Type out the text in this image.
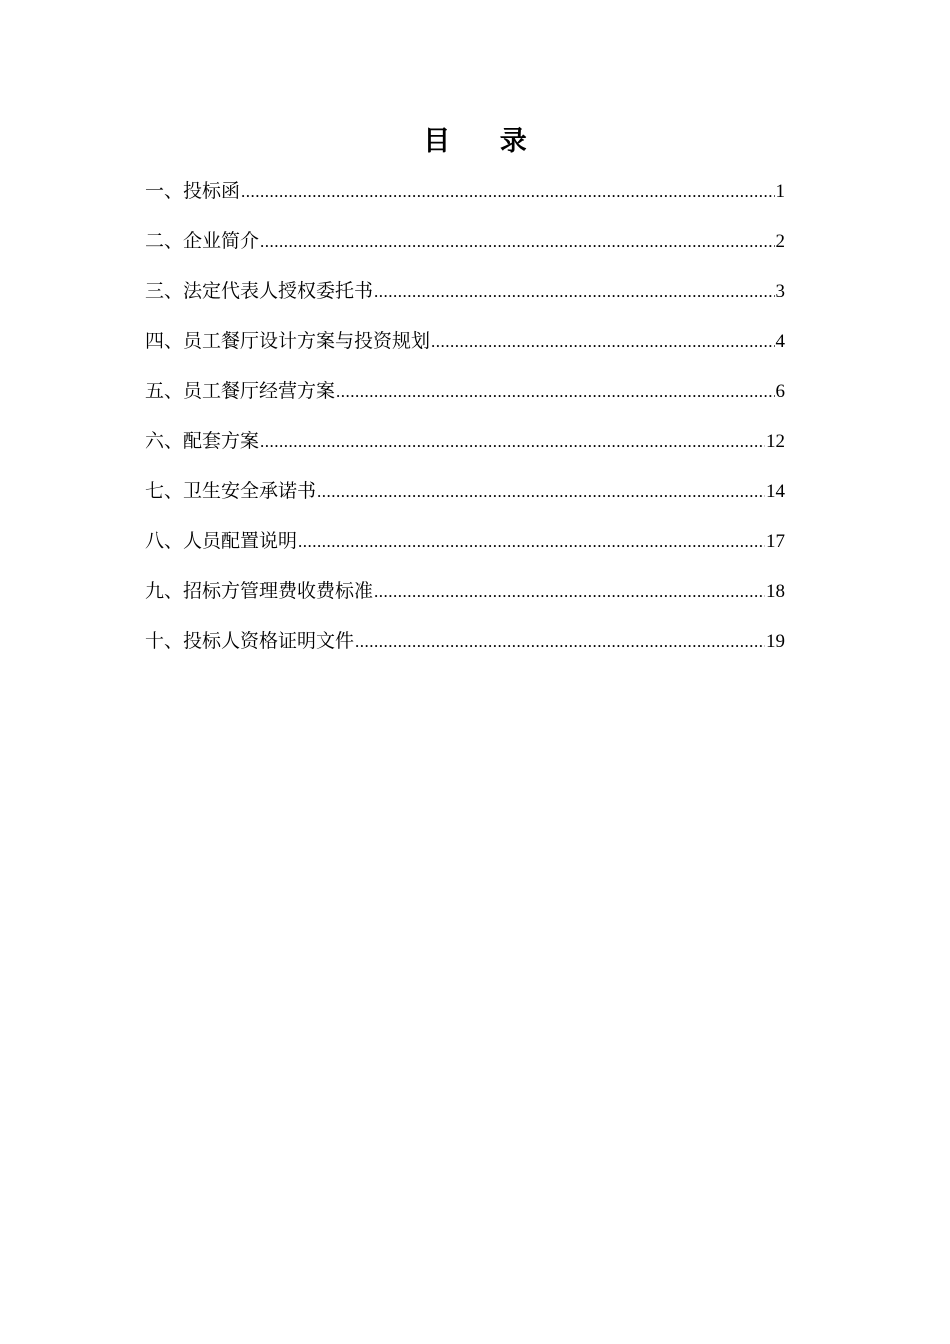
目 录
一、投标函 .....	1
二、企业简介 .....	2
三、法定代表人授权委托书 .....	3
四、员工餐厅设计方案与投资规划 .....	4
五、员工餐厅经营方案 .....	6
六、配套方案 .....	12
七、卫生安全承诺书 .....	14
八、人员配置说明 .....	17
九、招标方管理费收费标准 .....	18
十、投标人资格证明文件 .....	19
